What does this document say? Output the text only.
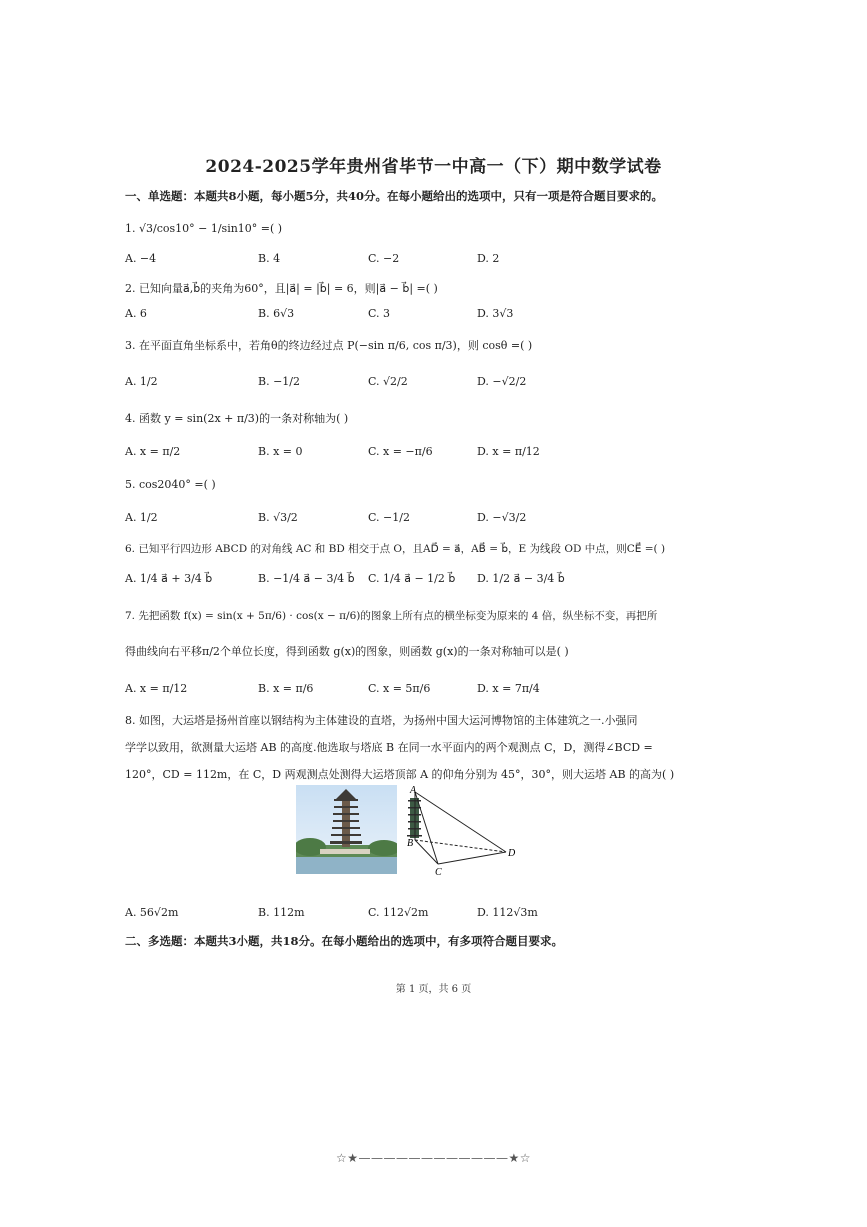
2024-2025学年贵州省毕节一中高一（下）期中数学试卷
一、单选题：本题共8小题，每小题5分，共40分。在每小题给出的选项中，只有一项是符合题目要求的。
1. √3/cos10° − 1/sin10° =( )
A. −4	B. 4	C. −2	D. 2
2. 已知向量a⃗,b⃗的夹角为60°，且|a⃗| = |b⃗| = 6，则|a⃗ − b⃗| =( )
A. 6	B. 6√3	C. 3	D. 3√3
3. 在平面直角坐标系中，若角θ的终边经过点 P(−sin π/6, cos π/3)，则 cosθ =( )
A. 1/2	B. −1/2	C. √2/2	D. −√2/2
4. 函数 y = sin(2x + π/3)的一条对称轴为( )
A. x = π/2	B. x = 0	C. x = −π/6	D. x = π/12
5. cos2040° =( )
A. 1/2	B. √3/2	C. −1/2	D. −√3/2
6. 已知平行四边形 ABCD 的对角线 AC 和 BD 相交于点 O，且AD⃗ = a⃗，AB⃗ = b⃗，E 为线段 OD 中点，则CE⃗ =( )
A. 1/4 a⃗ + 3/4 b⃗	B. −1/4 a⃗ − 3/4 b⃗ C. 1/4 a⃗ − 1/2 b⃗ D. 1/2 a⃗ − 3/4 b⃗
7. 先把函数 f(x) = sin(x + 5π/6) · cos(x − π/6)的图象上所有点的横坐标变为原来的 4 倍，纵坐标不变，再把所
得曲线向右平移π/2个单位长度，得到函数 g(x)的图象，则函数 g(x)的一条对称轴可以是( )
A. x = π/12	B. x = π/6	C. x = 5π/6	D. x = 7π/4
8. 如图，大运塔是扬州首座以钢结构为主体建设的直塔，为扬州中国大运河博物馆的主体建筑之一.小强同
学学以致用，欲测量大运塔 AB 的高度.他选取与塔底 B 在同一水平面内的两个观测点 C，D，测得∠BCD =
120°，CD = 112m，在 C，D 两观测点处测得大运塔顶部 A 的仰角分别为 45°，30°，则大运塔 AB 的高为( )
A
B
C
D
A. 56√2m	B. 112m	C. 112√2m	D. 112√3m
二、多选题：本题共3小题，共18分。在每小题给出的选项中，有多项符合题目要求。
第 1 页，共 6 页
☆★————————————★☆
